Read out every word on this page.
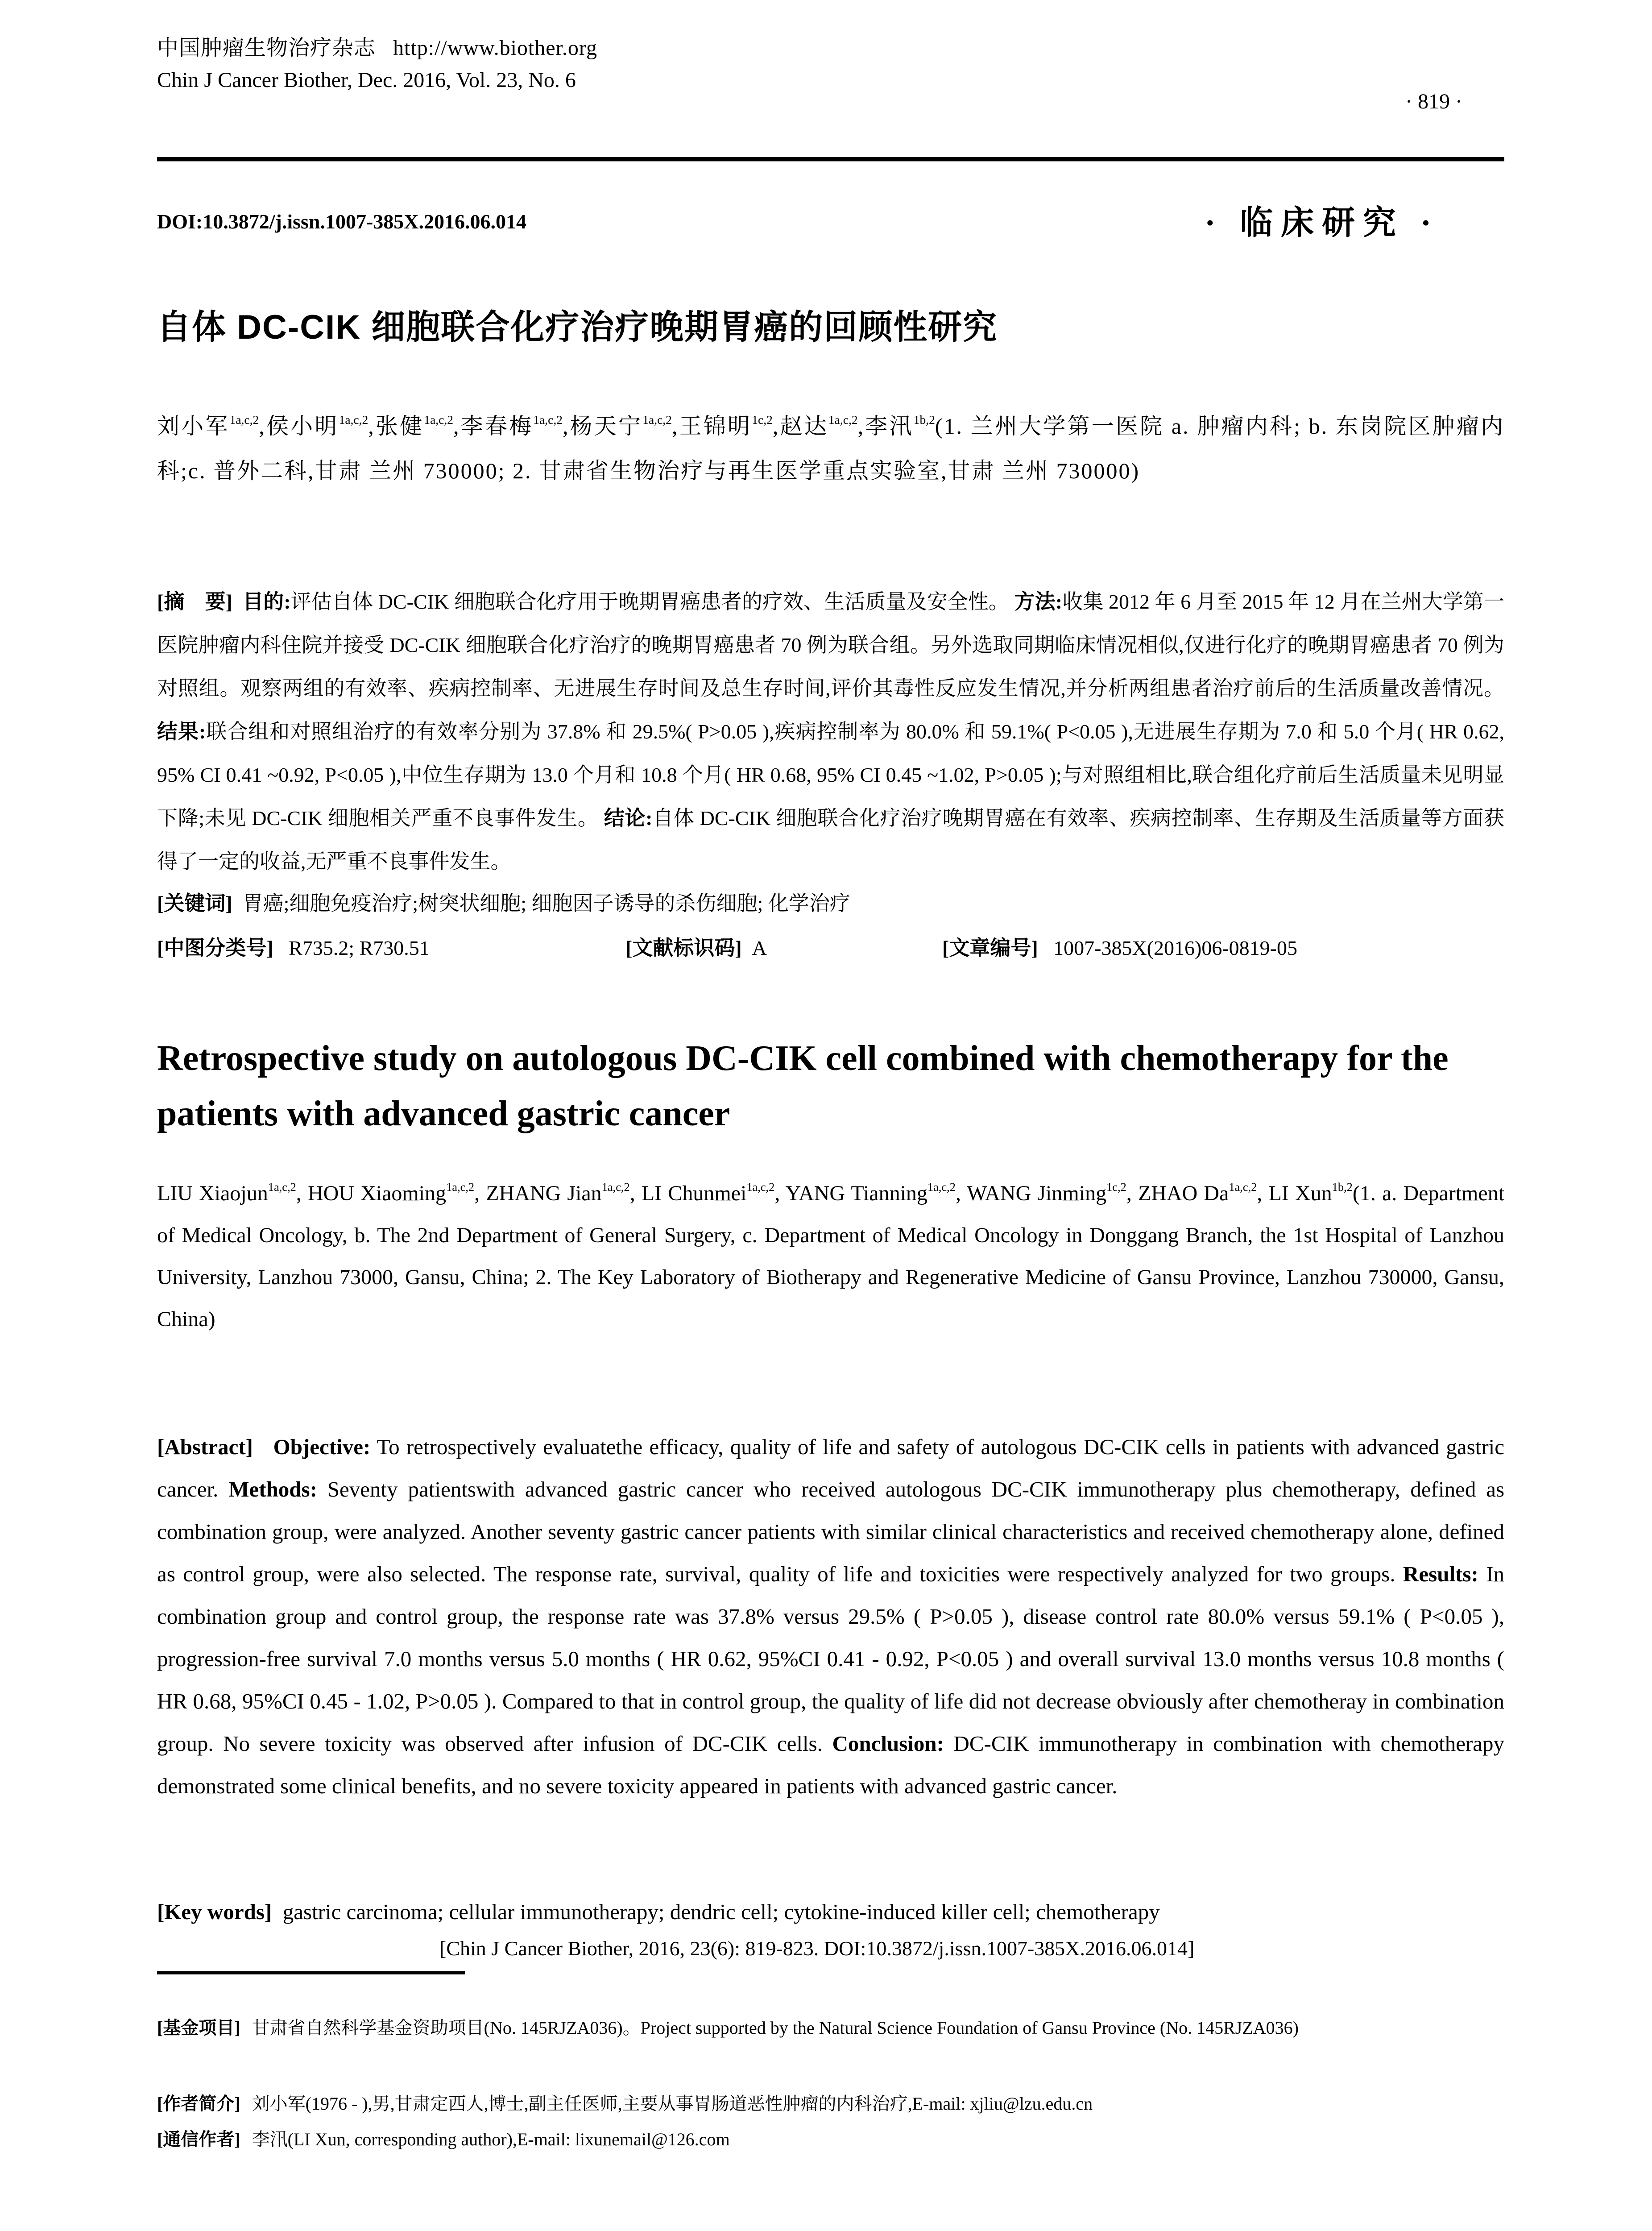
中国肿瘤生物治疗杂志 http://www.biother.org
Chin J Cancer Biother, Dec. 2016, Vol. 23, No. 6
· 819 ·
DOI:10.3872/j.issn.1007-385X.2016.06.014	· 临床研究 ·
自体 DC-CIK 细胞联合化疗治疗晚期胃癌的回顾性研究
刘小军$^{1a,c,2}$,侯小明$^{1a,c,2}$,张健$^{1a,c,2}$,李春梅$^{1a,c,2}$,杨天宁$^{1a,c,2}$,王锦明$^{1c,2}$,赵达$^{1a,c,2}$,李汛$^{1b,2}$(1. 兰州大学第一医院 a. 肿瘤内科; b. 东岗院区肿瘤内科;c. 普外二科,甘肃 兰州 730000; 2. 甘肃省生物治疗与再生医学重点实验室,甘肃 兰州 730000)
[摘　要] 目的:评估自体 DC-CIK 细胞联合化疗用于晚期胃癌患者的疗效、生活质量及安全性。 方法:收集 2012 年 6 月至 2015 年 12 月在兰州大学第一医院肿瘤内科住院并接受 DC-CIK 细胞联合化疗治疗的晚期胃癌患者 70 例为联合组。另外选取同期临床情况相似,仅进行化疗的晚期胃癌患者 70 例为对照组。观察两组的有效率、疾病控制率、无进展生存时间及总生存时间,评价其毒性反应发生情况,并分析两组患者治疗前后的生活质量改善情况。 结果:联合组和对照组治疗的有效率分别为 37.8% 和 29.5%( P>0.05 ),疾病控制率为 80.0% 和 59.1%( P<0.05 ),无进展生存期为 7.0 和 5.0 个月( HR 0.62, 95% CI 0.41 ~0.92, P<0.05 ),中位生存期为 13.0 个月和 10.8 个月( HR 0.68, 95% CI 0.45 ~1.02, P>0.05 );与对照组相比,联合组化疗前后生活质量未见明显下降;未见 DC-CIK 细胞相关严重不良事件发生。 结论:自体 DC-CIK 细胞联合化疗治疗晚期胃癌在有效率、疾病控制率、生存期及生活质量等方面获得了一定的收益,无严重不良事件发生。
[关键词] 胃癌;细胞免疫治疗;树突状细胞; 细胞因子诱导的杀伤细胞; 化学治疗
[中图分类号] R735.2; R730.51	[文献标识码] A	[文章编号] 1007-385X(2016)06-0819-05
Retrospective study on autologous DC-CIK cell combined with chemotherapy for the patients with advanced gastric cancer
LIU Xiaojun$^{1a,c,2}$, HOU Xiaoming$^{1a,c,2}$, ZHANG Jian$^{1a,c,2}$, LI Chunmei$^{1a,c,2}$, YANG Tianning$^{1a,c,2}$, WANG Jinming$^{1c,2}$, ZHAO $Da^{1a,c,2}$, LI Xun$^{1b,2}$(1. a. Department of Medical Oncology, b. The 2nd Department of General Surgery, c. Department of Medical Oncology in Donggang Branch, the 1st Hospital of Lanzhou University, Lanzhou 73000, Gansu, China; 2. The Key Laboratory of Biotherapy and Regenerative Medicine of Gansu Province, Lanzhou 730000, Gansu, China)
[Abstract] Objective: To retrospectively evaluatethe efficacy, quality of life and safety of autologous DC-CIK cells in patients with advanced gastric cancer. Methods: Seventy patientswith advanced gastric cancer who received autologous DC-CIK immunotherapy plus chemotherapy, defined as combination group, were analyzed. Another seventy gastric cancer patients with similar clinical characteristics and received chemotherapy alone, defined as control group, were also selected. The response rate, survival, quality of life and toxicities were respectively analyzed for two groups. Results: In combination group and control group, the response rate was 37.8% versus 29.5% ( P>0.05 ), disease control rate 80.0% versus 59.1% ( P<0.05 ), progression-free survival 7.0 months versus 5.0 months ( HR 0.62, 95%CI 0.41 - 0.92, P<0.05 ) and overall survival 13.0 months versus 10.8 months ( HR 0.68, 95%CI 0.45 - 1.02, P>0.05 ). Compared to that in control group, the quality of life did not decrease obviously after chemotheray in combination group. No severe toxicity was observed after infusion of DC-CIK cells. Conclusion: DC-CIK immunotherapy in combination with chemotherapy demonstrated some clinical benefits, and no severe toxicity appeared in patients with advanced gastric cancer.
[Key words] gastric carcinoma; cellular immunotherapy; dendric cell; cytokine-induced killer cell; chemotherapy
[Chin J Cancer Biother, 2016, 23(6): 819-823. DOI:10.3872/j.issn.1007-385X.2016.06.014]
[基金项目] 甘肃省自然科学基金资助项目(No. 145RJZA036)。Project supported by the Natural Science Foundation of Gansu Province (No. 145RJZA036)
[作者简介] 刘小军(1976 - ),男,甘肃定西人,博士,副主任医师,主要从事胃肠道恶性肿瘤的内科治疗,E-mail: xjliu@lzu.edu.cn
[通信作者] 李汛(LI Xun, corresponding author),E-mail: lixunemail@126.com
